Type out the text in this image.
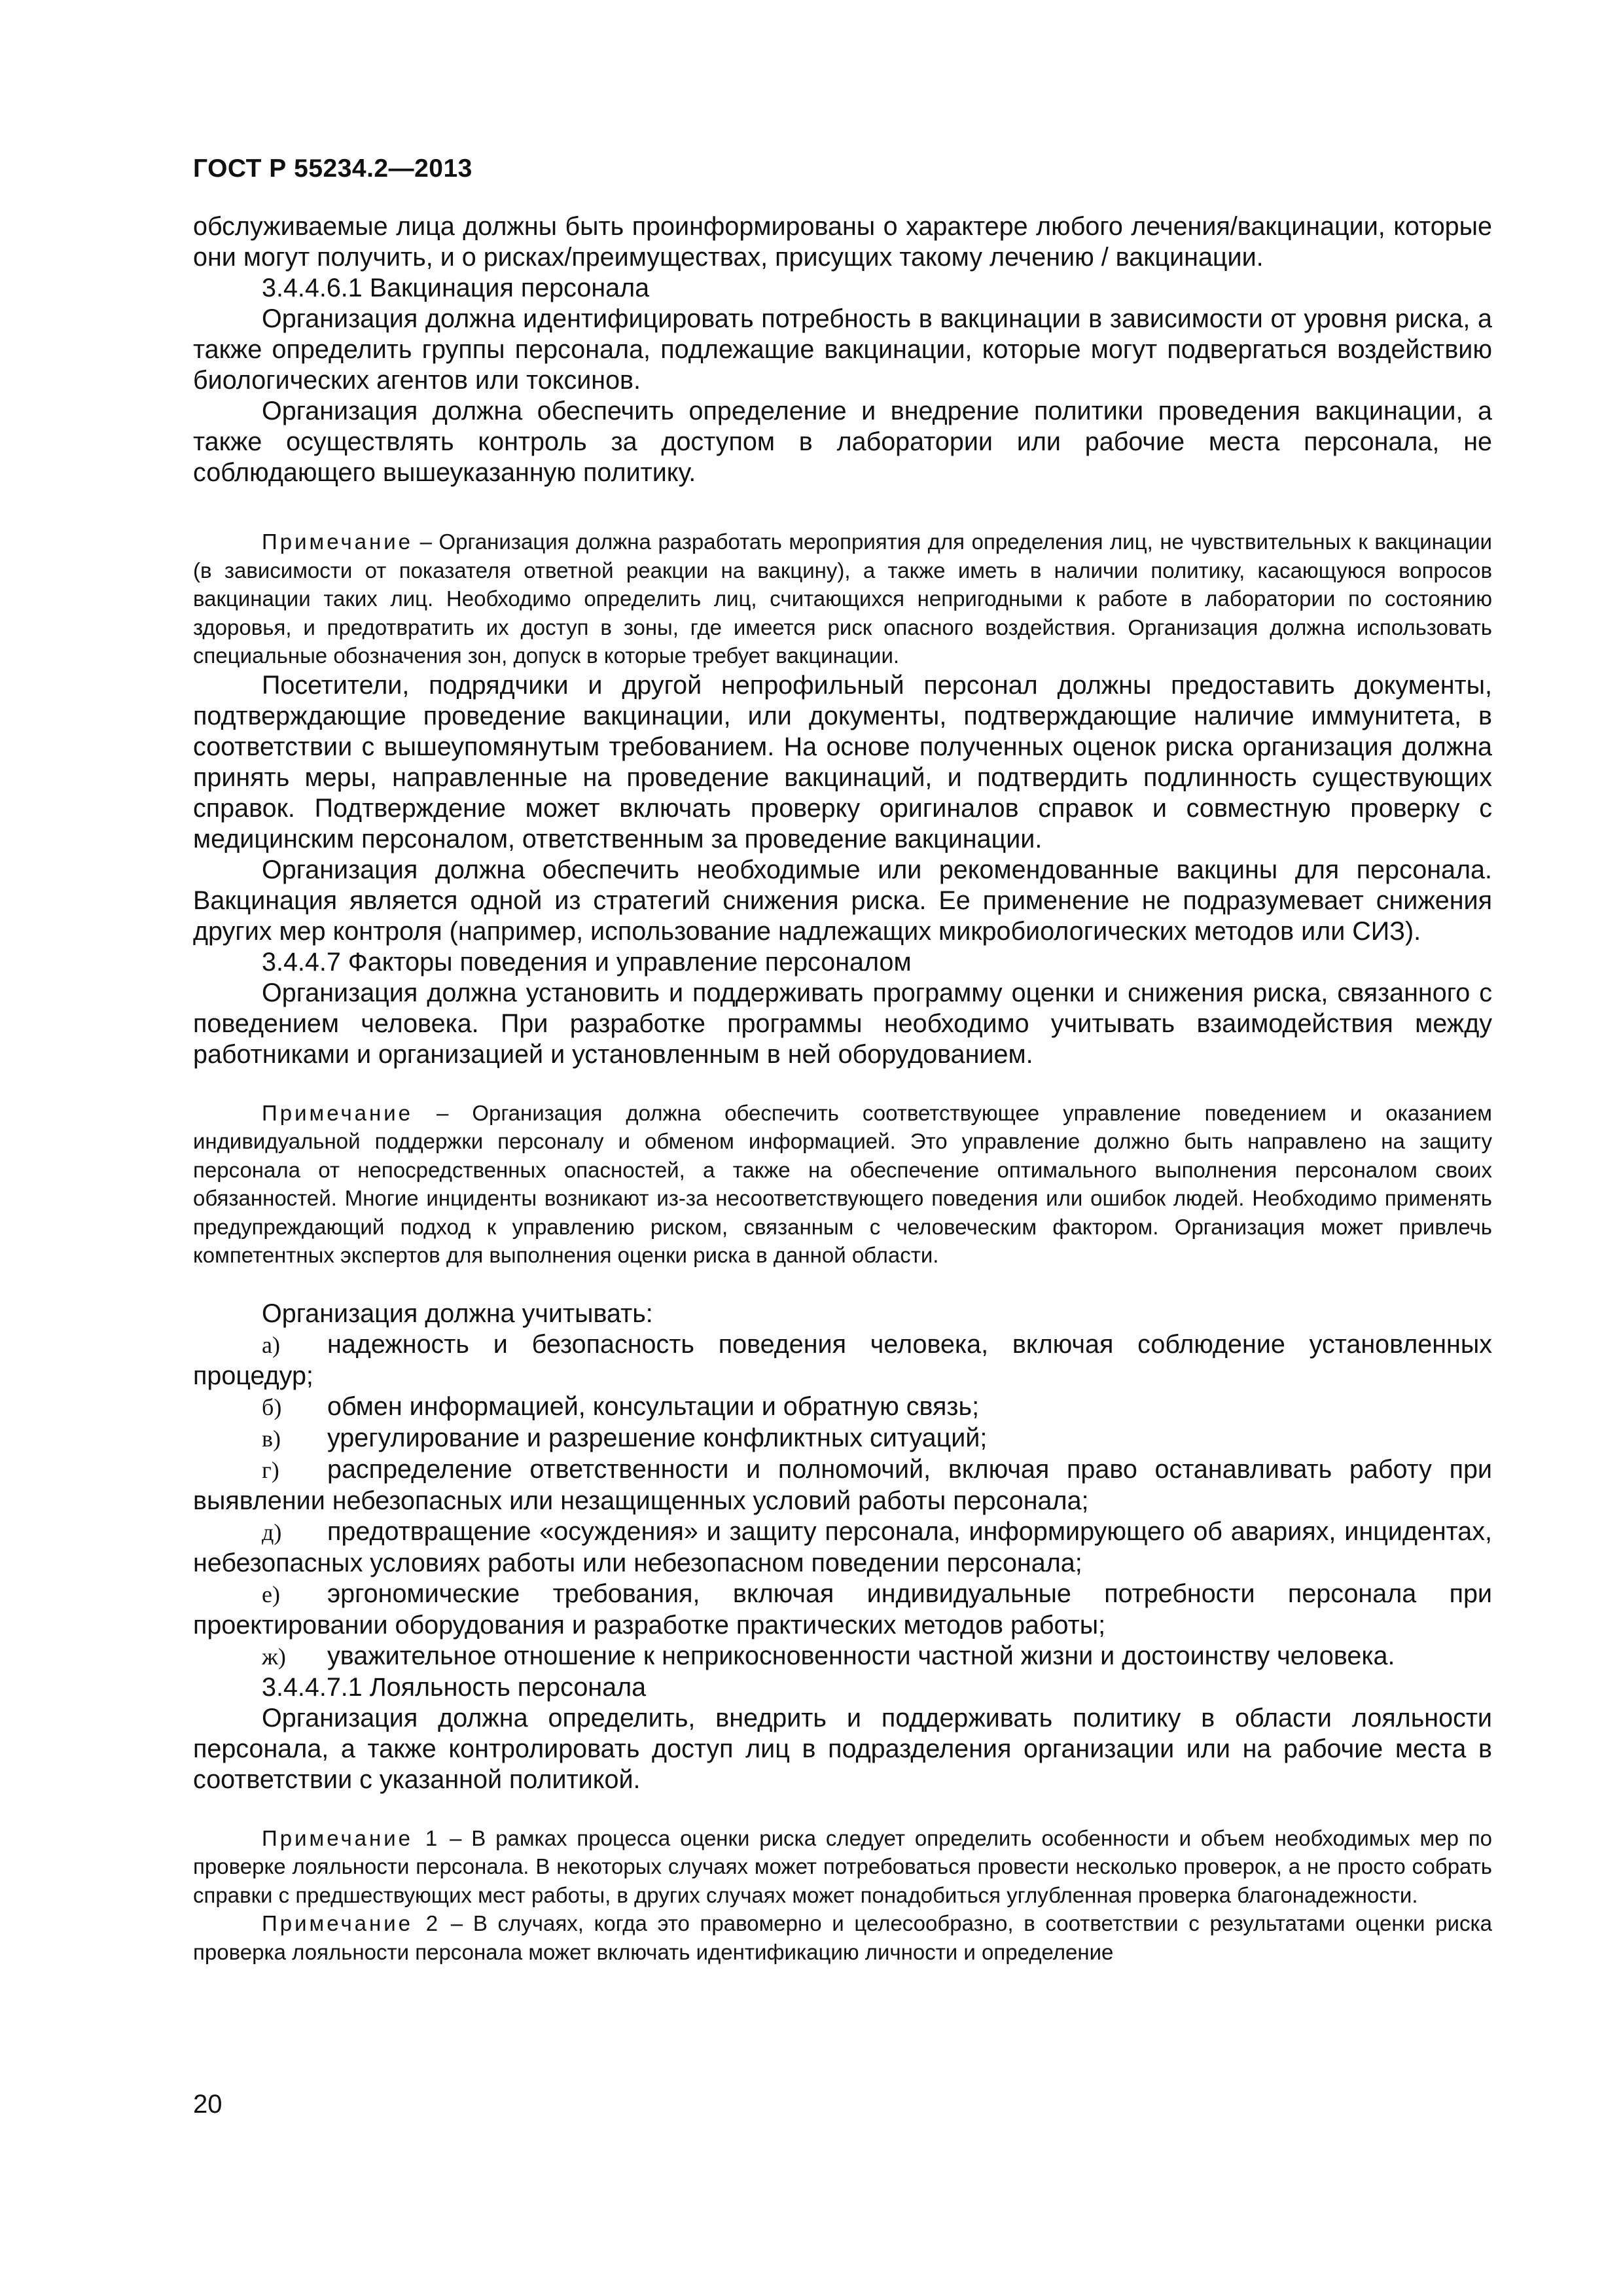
ГОСТ Р 55234.2—2013

обслуживаемые лица должны быть проинформированы о характере любого лечения/вакцинации, которые они могут получить, и о рисках/преимуществах, присущих такому лечению / вакцинации.

3.4.4.6.1 Вакцинация персонала

Организация должна идентифицировать потребность в вакцинации в зависимости от уровня риска, а также определить группы персонала, подлежащие вакцинации, которые могут подвергаться воздействию биологических агентов или токсинов.

Организация должна обеспечить определение и внедрение политики проведения вакцинации, а также осуществлять контроль за доступом в лаборатории или рабочие места персонала, не соблюдающего вышеуказанную политику.

Примечание – Организация должна разработать мероприятия для определения лиц, не чувствительных к вакцинации (в зависимости от показателя ответной реакции на вакцину), а также иметь в наличии политику, касающуюся вопросов вакцинации таких лиц. Необходимо определить лиц, считающихся непригодными к работе в лаборатории по состоянию здоровья, и предотвратить их доступ в зоны, где имеется риск опасного воздействия. Организация должна использовать специальные обозначения зон, допуск в которые требует вакцинации.

Посетители, подрядчики и другой непрофильный персонал должны предоставить документы, подтверждающие проведение вакцинации, или документы, подтверждающие наличие иммунитета, в соответствии с вышеупомянутым требованием. На основе полученных оценок риска организация должна принять меры, направленные на проведение вакцинаций, и подтвердить подлинность существующих справок. Подтверждение может включать проверку оригиналов справок и совместную проверку с медицинским персоналом, ответственным за проведение вакцинации.

Организация должна обеспечить необходимые или рекомендованные вакцины для персонала. Вакцинация является одной из стратегий снижения риска. Ее применение не подразумевает снижения других мер контроля (например, использование надлежащих микробиологических методов или СИЗ).

3.4.4.7 Факторы поведения и управление персоналом

Организация должна установить и поддерживать программу оценки и снижения риска, связанного с поведением человека. При разработке программы необходимо учитывать взаимодействия между работниками и организацией и установленным в ней оборудованием.

Примечание – Организация должна обеспечить соответствующее управление поведением и оказанием индивидуальной поддержки персоналу и обменом информацией. Это управление должно быть направлено на защиту персонала от непосредственных опасностей, а также на обеспечение оптимального выполнения персоналом своих обязанностей. Многие инциденты возникают из-за несоответствующего поведения или ошибок людей. Необходимо применять предупреждающий подход к управлению риском, связанным с человеческим фактором. Организация может привлечь компетентных экспертов для выполнения оценки риска в данной области.

Организация должна учитывать:

а) надежность и безопасность поведения человека, включая соблюдение установленных процедур;

б) обмен информацией, консультации и обратную связь;

в) урегулирование и разрешение конфликтных ситуаций;

г) распределение ответственности и полномочий, включая право останавливать работу при выявлении небезопасных или незащищенных условий работы персонала;

д) предотвращение «осуждения» и защиту персонала, информирующего об авариях, инцидентах, небезопасных условиях работы или небезопасном поведении персонала;

е) эргономические требования, включая индивидуальные потребности персонала при проектировании оборудования и разработке практических методов работы;

ж) уважительное отношение к неприкосновенности частной жизни и достоинству человека.

3.4.4.7.1 Лояльность персонала

Организация должна определить, внедрить и поддерживать политику в области лояльности персонала, а также контролировать доступ лиц в подразделения организации или на рабочие места в соответствии с указанной политикой.

Примечание 1 – В рамках процесса оценки риска следует определить особенности и объем необходимых мер по проверке лояльности персонала. В некоторых случаях может потребоваться провести несколько проверок, а не просто собрать справки с предшествующих мест работы, в других случаях может понадобиться углубленная проверка благонадежности.

Примечание 2 – В случаях, когда это правомерно и целесообразно, в соответствии с результатами оценки риска проверка лояльности персонала может включать идентификацию личности и определение

20
